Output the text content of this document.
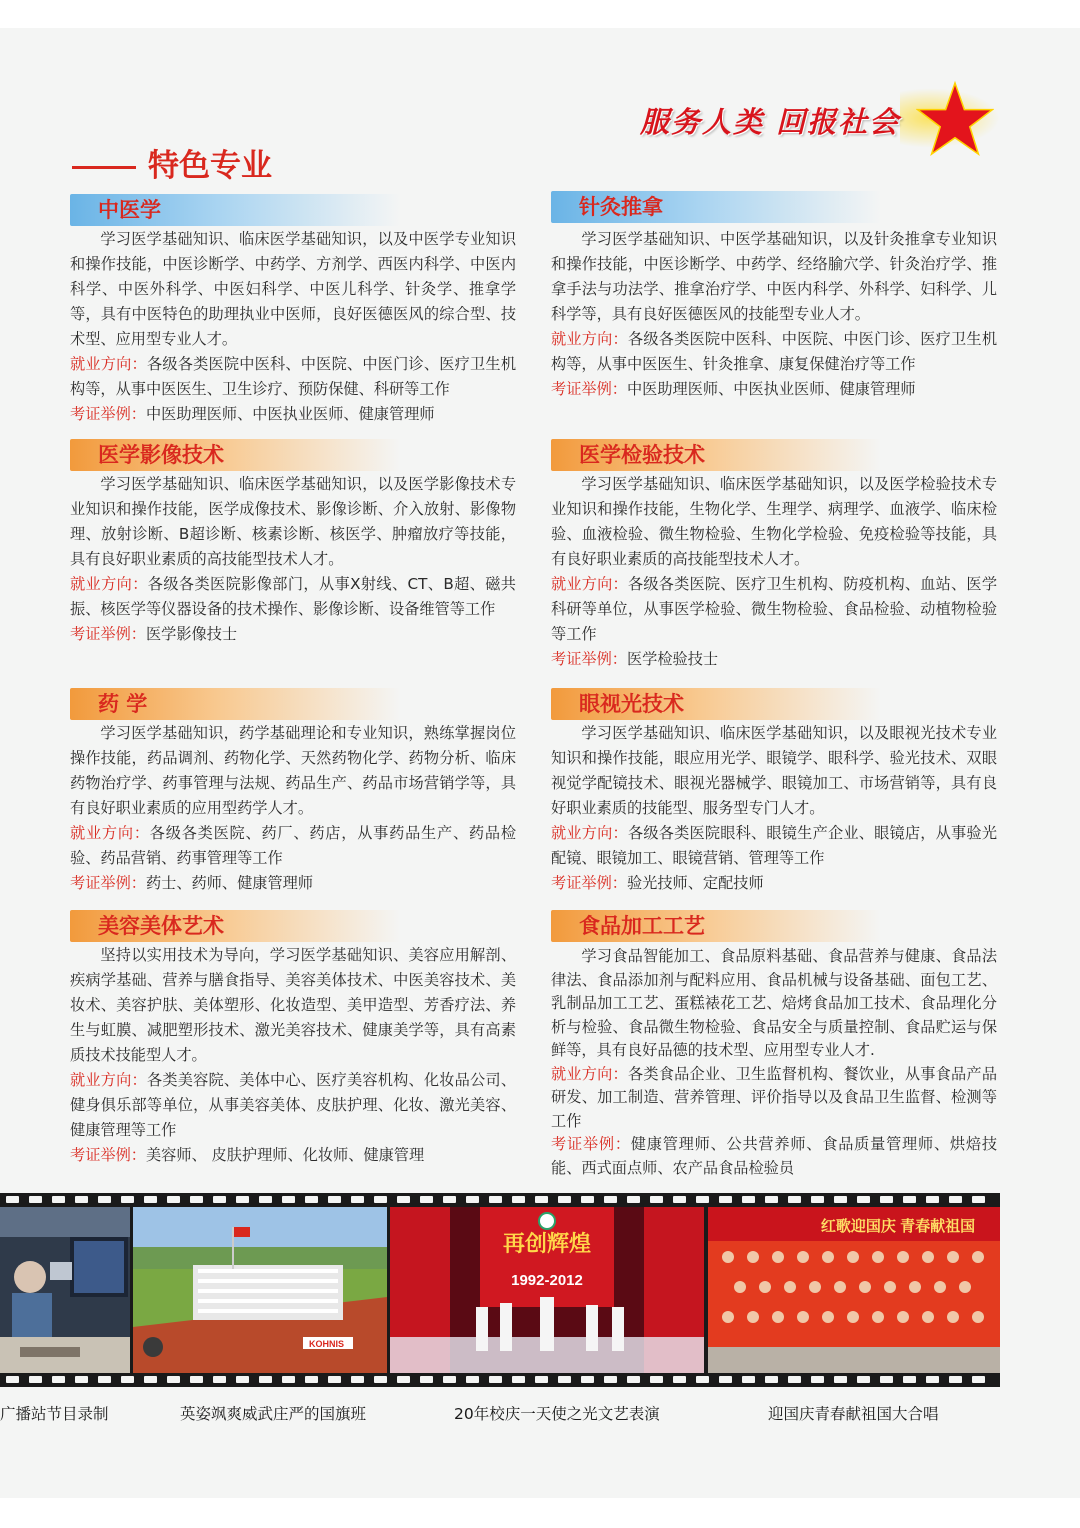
服务人类 回报社会
特色专业
中医学

学习医学基础知识、临床医学基础知识，以及中医学专业知识和操作技能，中医诊断学、中药学、方剂学、西医内科学、中医内科学、中医外科学、中医妇科学、中医儿科学、针灸学、推拿学等，具有中医特色的助理执业中医师，良好医德医风的综合型、技术型、应用型专业人才。

就业方向：各级各类医院中医科、中医院、中医门诊、医疗卫生机构等，从事中医医生、卫生诊疗、预防保健、科研等工作

考证举例：中医助理医师、中医执业医师、健康管理师

医学影像技术

学习医学基础知识、临床医学基础知识，以及医学影像技术专业知识和操作技能，医学成像技术、影像诊断、介入放射、影像物理、放射诊断、B超诊断、核素诊断、核医学、肿瘤放疗等技能，具有良好职业素质的高技能型技术人才。

就业方向：各级各类医院影像部门，从事X射线、CT、B超、磁共振、核医学等仪器设备的技术操作、影像诊断、设备维管等工作

考证举例：医学影像技士

药 学

学习医学基础知识，药学基础理论和专业知识，熟练掌握岗位操作技能，药品调剂、药物化学、天然药物化学、药物分析、临床药物治疗学、药事管理与法规、药品生产、药品市场营销学等，具有良好职业素质的应用型药学人才。

就业方向：各级各类医院、药厂、药店，从事药品生产、药品检验、药品营销、药事管理等工作

考证举例：药士、药师、健康管理师

美容美体艺术

坚持以实用技术为导向，学习医学基础知识、美容应用解剖、疾病学基础、营养与膳食指导、美容美体技术、中医美容技术、美妆术、美容护肤、美体塑形、化妆造型、美甲造型、芳香疗法、养生与虹膜、减肥塑形技术、激光美容技术、健康美学等，具有高素质技术技能型人才。

就业方向：各类美容院、美体中心、医疗美容机构、化妆品公司、健身俱乐部等单位，从事美容美体、皮肤护理、化妆、激光美容、健康管理等工作

考证举例：美容师、 皮肤护理师、化妆师、健康管理

针灸推拿

学习医学基础知识、中医学基础知识，以及针灸推拿专业知识和操作技能，中医诊断学、中药学、经络腧穴学、针灸治疗学、推拿手法与功法学、推拿治疗学、中医内科学、外科学、妇科学、儿科学等，具有良好医德医风的技能型专业人才。

就业方向：各级各类医院中医科、中医院、中医门诊、医疗卫生机构等，从事中医医生、针灸推拿、康复保健治疗等工作

考证举例：中医助理医师、中医执业医师、健康管理师

医学检验技术

学习医学基础知识、临床医学基础知识，以及医学检验技术专业知识和操作技能，生物化学、生理学、病理学、血液学、临床检验、血液检验、微生物检验、生物化学检验、免疫检验等技能，具有良好职业素质的高技能型技术人才。

就业方向：各级各类医院、医疗卫生机构、防疫机构、血站、医学科研等单位，从事医学检验、微生物检验、食品检验、动植物检验等工作

考证举例：医学检验技士

眼视光技术

学习医学基础知识、临床医学基础知识，以及眼视光技术专业知识和操作技能，眼应用光学、眼镜学、眼科学、验光技术、双眼视觉学配镜技术、眼视光器械学、眼镜加工、市场营销等，具有良好职业素质的技能型、服务型专门人才。

就业方向：各级各类医院眼科、眼镜生产企业、眼镜店，从事验光配镜、眼镜加工、眼镜营销、管理等工作

考证举例：验光技师、定配技师

食品加工工艺

学习食品智能加工、食品原料基础、食品营养与健康、食品法律法、食品添加剂与配料应用、食品机械与设备基础、面包工艺、乳制品加工工艺、蛋糕裱花工艺、焙烤食品加工技术、食品理化分析与检验、食品微生物检验、食品安全与质量控制、食品贮运与保鲜等，具有良好品德的技术型、应用型专业人才.

就业方向：各类食品企业、卫生监督机构、餐饮业，从事食品产品研发、加工制造、营养管理、评价指导以及食品卫生监督、检测等工作

考证举例：健康管理师、公共营养师、食品质量管理师、烘焙技能、西式面点师、农产品食品检验员

KOHNIS
再创辉煌
1992-2012
红歌迎国庆 青春献祖国
广播站节目录制	英姿飒爽威武庄严的国旗班	20年校庆一天使之光文艺表演	迎国庆青春献祖国大合唱
